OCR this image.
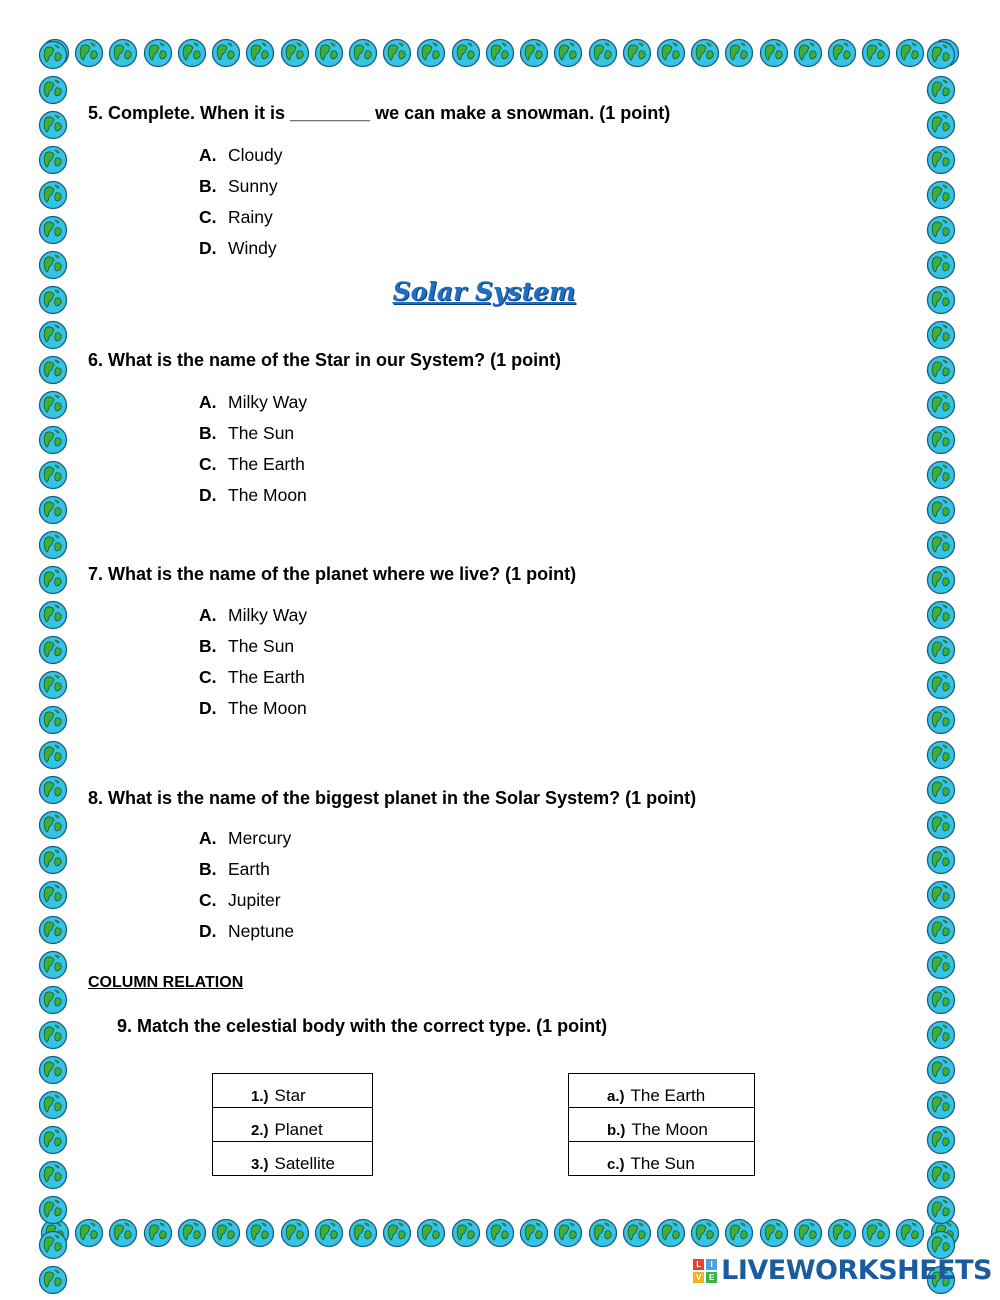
5. Complete. When it is ________ we can make a snowman. (1 point)
A. Cloudy
B. Sunny
C. Rainy
D. Windy
Solar System
6. What is the name of the Star in our System? (1 point)
A. Milky Way
B. The Sun
C. The Earth
D. The Moon
7. What is the name of the planet where we live? (1 point)
A. Milky Way
B. The Sun
C. The Earth
D. The Moon
8. What is the name of the biggest planet in the Solar System? (1 point)
A. Mercury
B. Earth
C. Jupiter
D. Neptune
COLUMN RELATION
9. Match the celestial body with the correct type. (1 point)
1.) Star
2.) Planet
3.) Satellite
a.) The Earth
b.) The Moon
c.) The Sun
L	I
V E LIVEWORKSHEETS
